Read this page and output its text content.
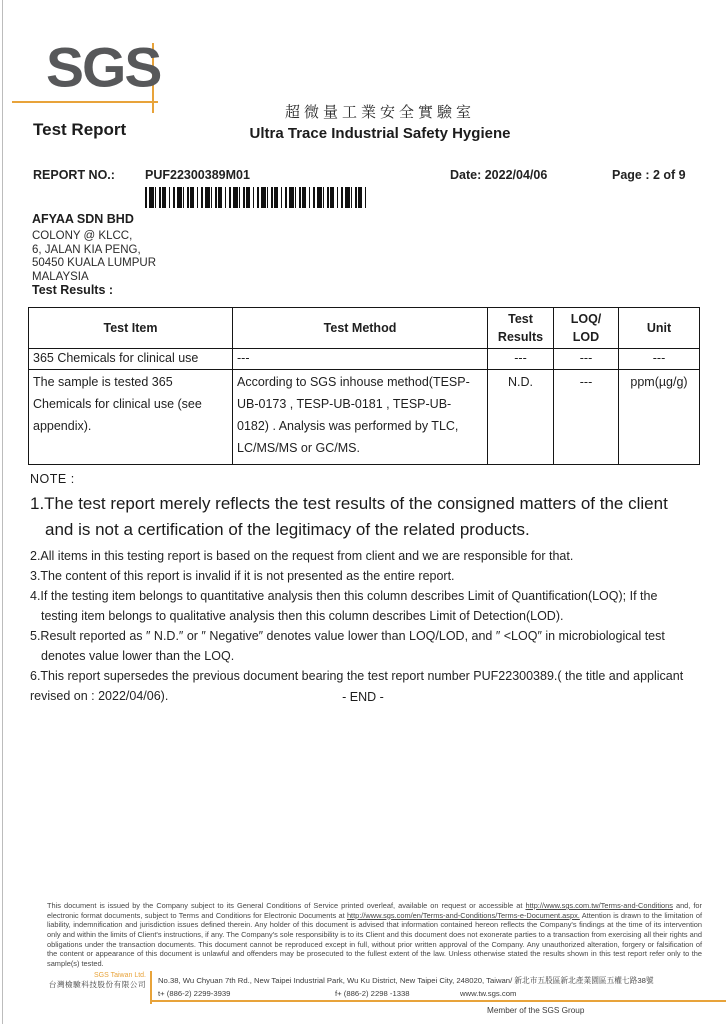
SGS
Test Report
超微量工業安全實驗室
Ultra Trace Industrial Safety Hygiene
REPORT NO.: PUF22300389M01	Date: 2022/04/06	Page : 2 of 9
AFYAA SDN BHD
COLONY @ KLCC,
6, JALAN KIA PENG,
50450 KUALA LUMPUR
MALAYSIA
Test Results :
Test Item	Test Method	Test Results	LOQ/ LOD	Unit
365 Chemicals for clinical use	---	---	---	---
The sample is tested 365 Chemicals for clinical use (see appendix).	According to SGS inhouse method(TESP-UB-0173 , TESP-UB-0181 , TESP-UB-0182) . Analysis was performed by TLC, LC/MS/MS or GC/MS.	N.D.	---	ppm(µg/g)
NOTE :
1.The test report merely reflects the test results of the consigned matters of the client and is not a certification of the legitimacy of the related products.
2.All items in this testing report is based on the request from client and we are responsible for that.
3.The content of this report is invalid if it is not presented as the entire report.
4.If the testing item belongs to quantitative analysis then this column describes Limit of Quantification(LOQ); If the testing item belongs to qualitative analysis then this column describes Limit of Detection(LOD).
5.Result reported as ″ N.D.″ or ″ Negative″ denotes value lower than LOQ/LOD, and ″ <LOQ″ in microbiological test denotes value lower than the LOQ.
6.This report supersedes the previous document bearing the test report number PUF22300389.( the title and applicant revised on : 2022/04/06).	- END -
This document is issued by the Company subject to its General Conditions of Service printed overleaf, available on request or accessible at http://www.sgs.com.tw/Terms-and-Conditions and, for electronic format documents, subject to Terms and Conditions for Electronic Documents at http://www.sgs.com/en/Terms-and-Conditions/Terms-e-Document.aspx. Attention is drawn to the limitation of liability, indemnification and jurisdiction issues defined therein. Any holder of this document is advised that information contained hereon reflects the Company's findings at the time of its intervention only and within the limits of Client's instructions, if any. The Company's sole responsibility is to its Client and this document does not exonerate parties to a transaction from exercising all their rights and obligations under the transaction documents. This document cannot be reproduced except in full, without prior written approval of the Company. Any unauthorized alteration, forgery or falsification of the content or appearance of this document is unlawful and offenders may be prosecuted to the fullest extent of the law. Unless otherwise stated the results shown in this test report refer only to the sample(s) tested.
SGS Taiwan Ltd.
台灣檢驗科技股份有限公司 No.38, Wu Chyuan 7th Rd., New Taipei Industrial Park, Wu Ku District, New Taipei City, 248020, Taiwan/ 新北市五股區新北產業園區五權七路38號
t+ (886-2) 2299-3939	f+ (886-2) 2298 -1338	www.tw.sgs.com
Member of the SGS Group
